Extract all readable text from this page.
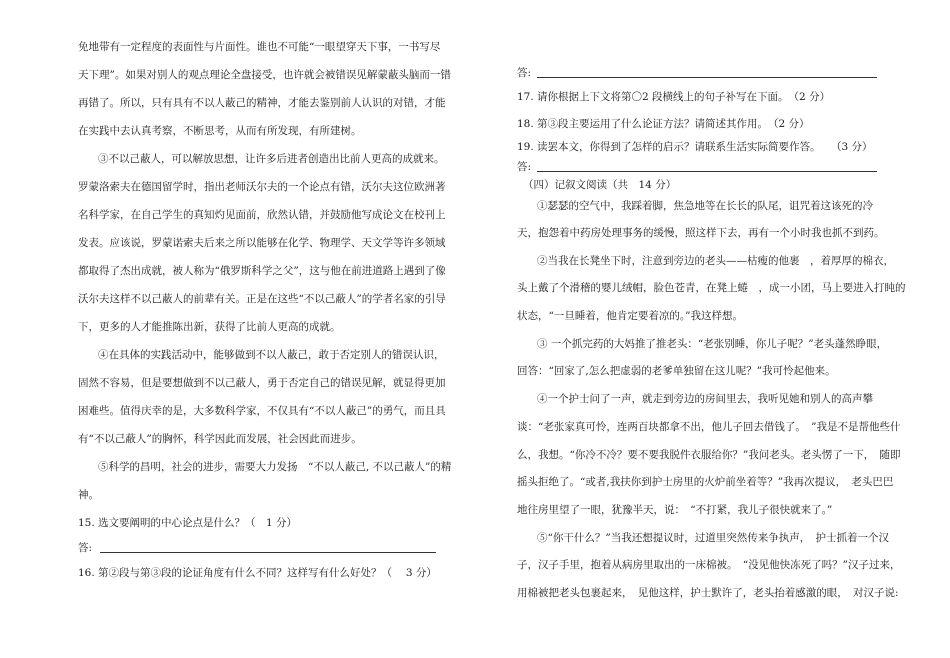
免地带有一定程度的表面性与片面性。谁也不可能“一眼望穿天下事，一书写尽
天下理”。如果对别人的观点理论全盘接受，也许就会被错误见解蒙蔽头脑而一错
再错了。所以，只有具有不以人蔽己的精神，才能去鉴别前人认识的对错，才能
在实践中去认真考察，不断思考，从而有所发现，有所建树。
③不以己蔽人，可以解放思想，让许多后进者创造出比前人更高的成就来。
罗蒙洛索夫在德国留学时，指出老师沃尔夫的一个论点有错，沃尔夫这位欧洲著
名科学家，在自己学生的真知灼见面前，欣然认错，并鼓励他写成论文在校刊上
发表。应该说，罗蒙诺索夫后来之所以能够在化学、物理学、天文学等许多领域
都取得了杰出成就，被人称为“俄罗斯科学之父”，这与他在前进道路上遇到了像
沃尔夫这样不以己蔽人的前辈有关。正是在这些“不以己蔽人”的学者名家的引导
下，更多的人才能推陈出新，获得了比前人更高的成就。
④在具体的实践活动中，能够做到不以人蔽己，敢于否定别人的错误认识，
固然不容易，但是要想做到不以己蔽人，勇于否定自己的错误见解，就显得更加
困难些。值得庆幸的是，大多数科学家，不仅具有“不以人蔽己”的勇气，而且具
有“不以己蔽人”的胸怀，科学因此而发展，社会因此而进步。
⑤科学的昌明，社会的进步，需要大力发扬　“不以人蔽己, 不以己蔽人”的精
神。
15. 选文要阐明的中心论点是什么？（　1 分）
答:
16. 第②段与第③段的论证角度有什么不同？这样写有什么好处？（　 3 分）
答:
17. 请你根据上下文将第〇2 段横线上的句子补写在下面。　（2 分）
18. 第③段主要运用了什么论证方法？请简述其作用。　（2 分）
19. 读罢本文，你得到了怎样的启示？请联系生活实际简要作答。　　（3 分）
答:
（四）记叙文阅读（共　14 分）
①瑟瑟的空气中，我踩着脚，焦急地等在长长的队尾，诅咒着这该死的冷
天，抱怨着中药房处理事务的缓慢，照这样下去，再有一个小时我也抓不到药。
②当我在长凳坐下时，注意到旁边的老头——枯瘦的他裹　，着厚厚的棉衣，
头上戴了个滑稽的婴儿绒帽，脸色苍青，在凳上蜷　，成一小团，马上要进入打盹的
状态，“一旦睡着，他肯定要着凉的。”我这样想。
③ 一个抓完药的大妈推了推老头：“老张别睡，你儿子呢？”老头蓬然睁眼，
回答：“回家了,怎么把虚弱的老爹单独留在这儿呢？”我可怜起他来。
④一个护士问了一声，就走到旁边的房间里去，我听见她和别人的高声攀
谈：“老张家真可怜，连两百块都拿不出，他儿子回去借钱了。　”我是不是帮他些什
么，我想。“你冷不冷？要不要我脱件衣服给你？”我问老头。老头愣了一下，　随即
摇头拒绝了。“或者,我扶你到护士房里的火炉前坐着等？”我再次提议，　老头巴巴
地往房里望了一眼，犹豫半天，说：　“不打紧，我儿子很快就来了。”
⑤“你干什么？”当我还想提议时，过道里突然传来争执声，　护士抓着一个汉
子，汉子手里，抱着从病房里取出的一床棉被。　“没见他快冻死了吗？”汉子过来，
用棉被把老头包裹起来，　见他这样，护士默许了，老头抬着感激的眼，　对汉子说:
